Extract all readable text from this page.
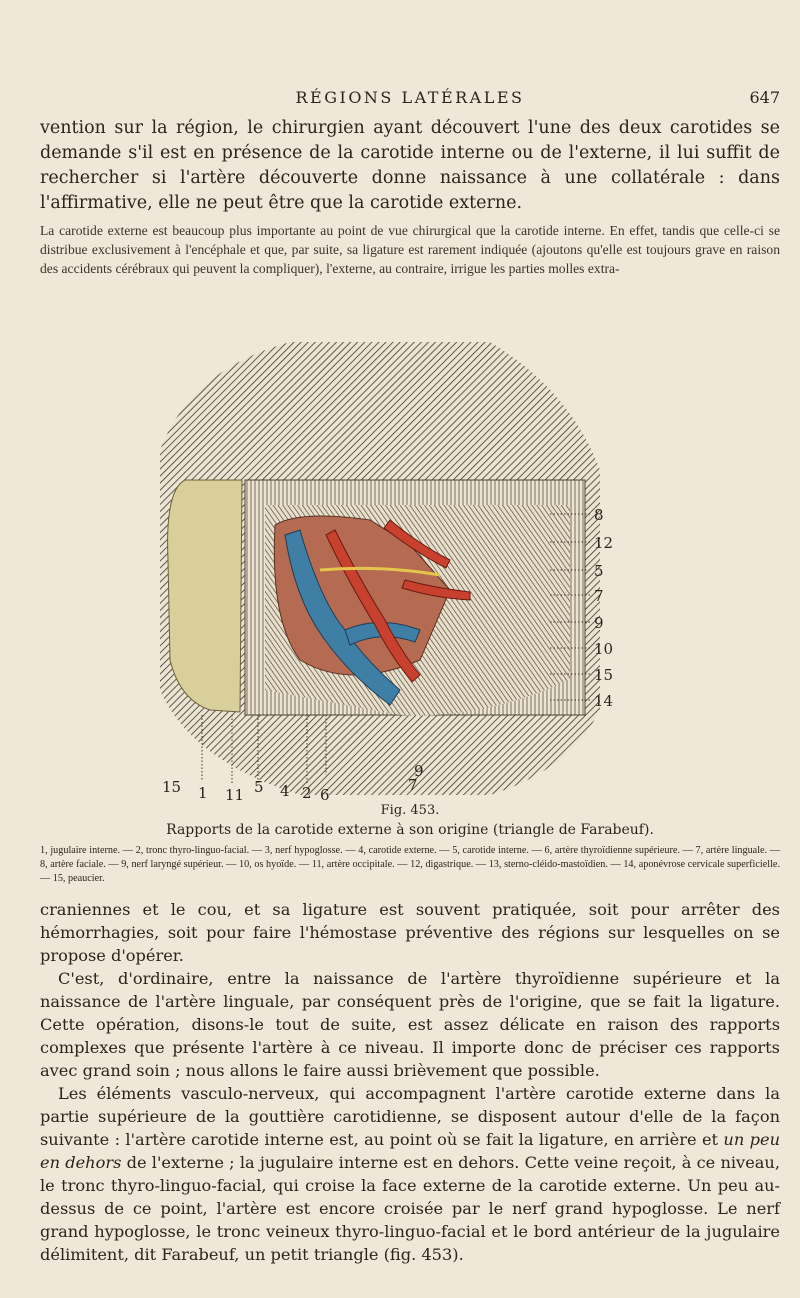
RÉGIONS LATÉRALES	647

vention sur la région, le chirurgien ayant découvert l'une des deux carotides se demande s'il est en présence de la carotide interne ou de l'externe, il lui suffit de rechercher si l'artère découverte donne naissance à une collatérale : dans l'affirmative, elle ne peut être que la carotide externe.

La carotide externe est beaucoup plus importante au point de vue chirurgical que la carotide interne. En effet, tandis que celle-ci se distribue exclusivement à l'encéphale et que, par suite, sa ligature est rarement indiquée (ajoutons qu'elle est toujours grave en raison des accidents cérébraux qui peuvent la compliquer), l'externe, au contraire, irrigue les parties molles extra-

8
12
5
7
9
10
15
14
15 1 11 5 4 2 6
7
9
Fig. 453.
Rapports de la carotide externe à son origine (triangle de Farabeuf).

1, jugulaire interne. — 2, tronc thyro-linguo-facial. — 3, nerf hypoglosse. — 4, carotide externe. — 5, carotide interne. — 6, artère thyroïdienne supérieure. — 7, artère linguale. — 8, artère faciale. — 9, nerf laryngé supérieur. — 10, os hyoïde. — 11, artère occipitale. — 12, digastrique. — 13, sterno-cléido-mastoïdien. — 14, aponévrose cervicale superficielle. — 15, peaucier.

craniennes et le cou, et sa ligature est souvent pratiquée, soit pour arrêter des hémorrhagies, soit pour faire l'hémostase préventive des régions sur lesquelles on se propose d'opérer.

C'est, d'ordinaire, entre la naissance de l'artère thyroïdienne supérieure et la naissance de l'artère linguale, par conséquent près de l'origine, que se fait la ligature. Cette opération, disons-le tout de suite, est assez délicate en raison des rapports complexes que présente l'artère à ce niveau. Il importe donc de préciser ces rapports avec grand soin ; nous allons le faire aussi brièvement que possible.

Les éléments vasculo-nerveux, qui accompagnent l'artère carotide externe dans la partie supérieure de la gouttière carotidienne, se disposent autour d'elle de la façon suivante : l'artère carotide interne est, au point où se fait la ligature, en arrière et un peu en dehors de l'externe ; la jugulaire interne est en dehors. Cette veine reçoit, à ce niveau, le tronc thyro-linguo-facial, qui croise la face externe de la carotide externe. Un peu au-dessus de ce point, l'artère est encore croisée par le nerf grand hypoglosse. Le nerf grand hypoglosse, le tronc veineux thyro-linguo-facial et le bord antérieur de la jugulaire délimitent, dit Farabeuf, un petit triangle (fig. 453).
